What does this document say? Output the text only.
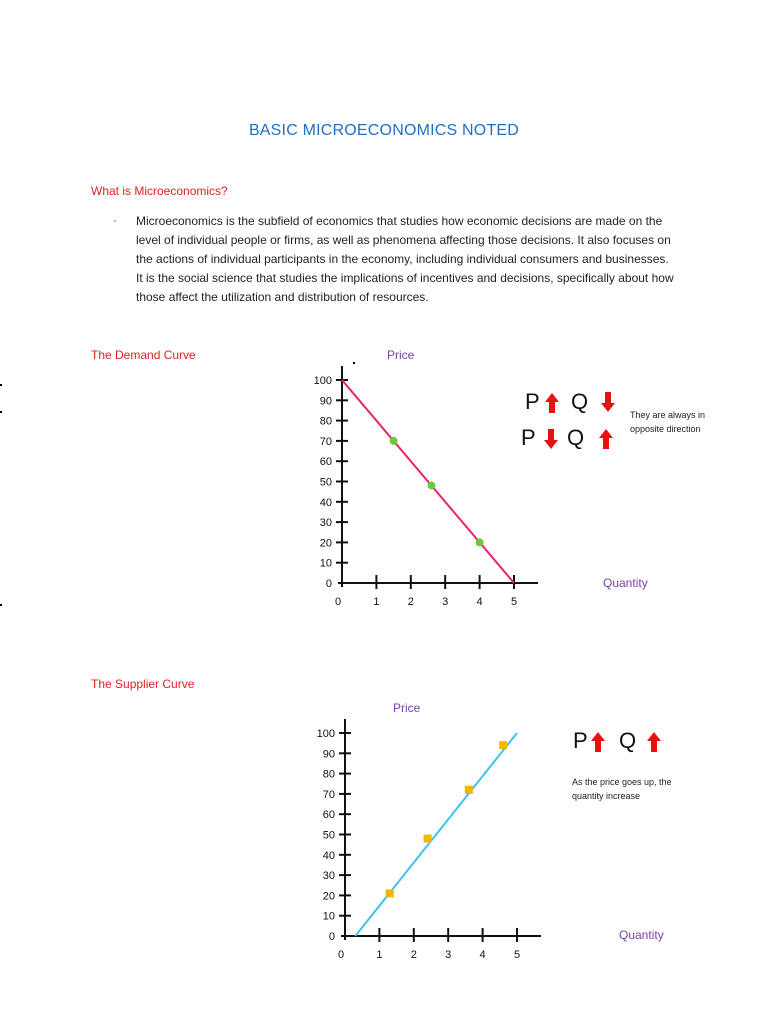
BASIC MICROECONOMICS NOTED
What is Microeconomics?
- Microeconomics is the subfield of economics that studies how economic decisions are made on the level of individual people or firms, as well as phenomena affecting those decisions. It also focuses on the actions of individual participants in the economy, including individual consumers and businesses. It is the social science that studies the implications of incentives and decisions, specifically about how those affect the utilization and distribution of resources.
The Demand Curve	Price
Quantity
0
10
20
30
40
50
60
70
80
90
100
0	1	2	3	4	5
P Q
P Q
They are always in opposite direction
The Supplier Curve
Price
Quantity
0
10
20
30
40
50
60
70
80
90
100
0	1	2	3	4	5
P Q
As the price goes up, the quantity increase
